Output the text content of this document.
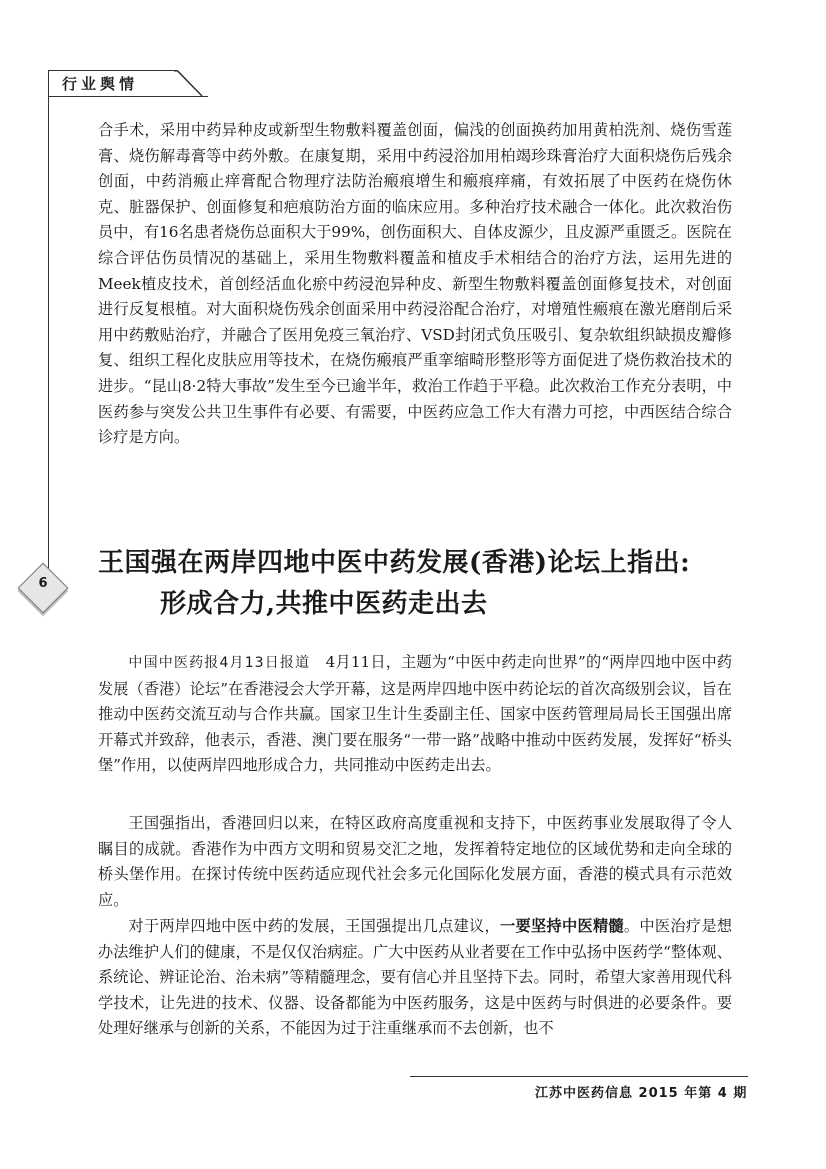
行业舆情
6

合手术，采用中药异种皮或新型生物敷料覆盖创面，偏浅的创面换药加用黄柏洗剂、烧伤雪莲膏、烧伤解毒膏等中药外敷。在康复期，采用中药浸浴加用柏竭珍珠膏治疗大面积烧伤后残余创面，中药消瘢止痒膏配合物理疗法防治瘢痕增生和瘢痕痒痛，有效拓展了中医药在烧伤休克、脏器保护、创面修复和疤痕防治方面的临床应用。多种治疗技术融合一体化。此次救治伤员中，有16名患者烧伤总面积大于99%，创伤面积大、自体皮源少，且皮源严重匮乏。医院在综合评估伤员情况的基础上，采用生物敷料覆盖和植皮手术相结合的治疗方法，运用先进的Meek植皮技术，首创经活血化瘀中药浸泡异种皮、新型生物敷料覆盖创面修复技术，对创面进行反复根植。对大面积烧伤残余创面采用中药浸浴配合治疗，对增殖性瘢痕在激光磨削后采用中药敷贴治疗，并融合了医用免疫三氧治疗、VSD封闭式负压吸引、复杂软组织缺损皮瓣修复、组织工程化皮肤应用等技术，在烧伤瘢痕严重挛缩畸形整形等方面促进了烧伤救治技术的进步。“昆山8·2特大事故”发生至今已逾半年，救治工作趋于平稳。此次救治工作充分表明，中医药参与突发公共卫生事件有必要、有需要，中医药应急工作大有潜力可挖，中西医结合综合诊疗是方向。

王国强在两岸四地中医中药发展(香港)论坛上指出:
形成合力,共推中医药走出去

中国中医药报4月13日报道　 4月11日，主题为“中医中药走向世界”的“两岸四地中医中药发展（香港）论坛”在香港浸会大学开幕，这是两岸四地中医中药论坛的首次高级别会议，旨在推动中医药交流互动与合作共赢。国家卫生计生委副主任、国家中医药管理局局长王国强出席开幕式并致辞，他表示，香港、澳门要在服务“一带一路”战略中推动中医药发展，发挥好“桥头堡”作用，以使两岸四地形成合力，共同推动中医药走出去。

王国强指出，香港回归以来，在特区政府高度重视和支持下，中医药事业发展取得了令人瞩目的成就。香港作为中西方文明和贸易交汇之地，发挥着特定地位的区域优势和走向全球的桥头堡作用。在探讨传统中医药适应现代社会多元化国际化发展方面，香港的模式具有示范效应。

对于两岸四地中医中药的发展，王国强提出几点建议，一要坚持中医精髓。中医治疗是想办法维护人们的健康，不是仅仅治病症。广大中医药从业者要在工作中弘扬中医药学“整体观、系统论、辨证论治、治未病”等精髓理念，要有信心并且坚持下去。同时，希望大家善用现代科学技术，让先进的技术、仪器、设备都能为中医药服务，这是中医药与时俱进的必要条件。要处理好继承与创新的关系，不能因为过于注重继承而不去创新，也不

江苏中医药信息 2015 年第 4 期
